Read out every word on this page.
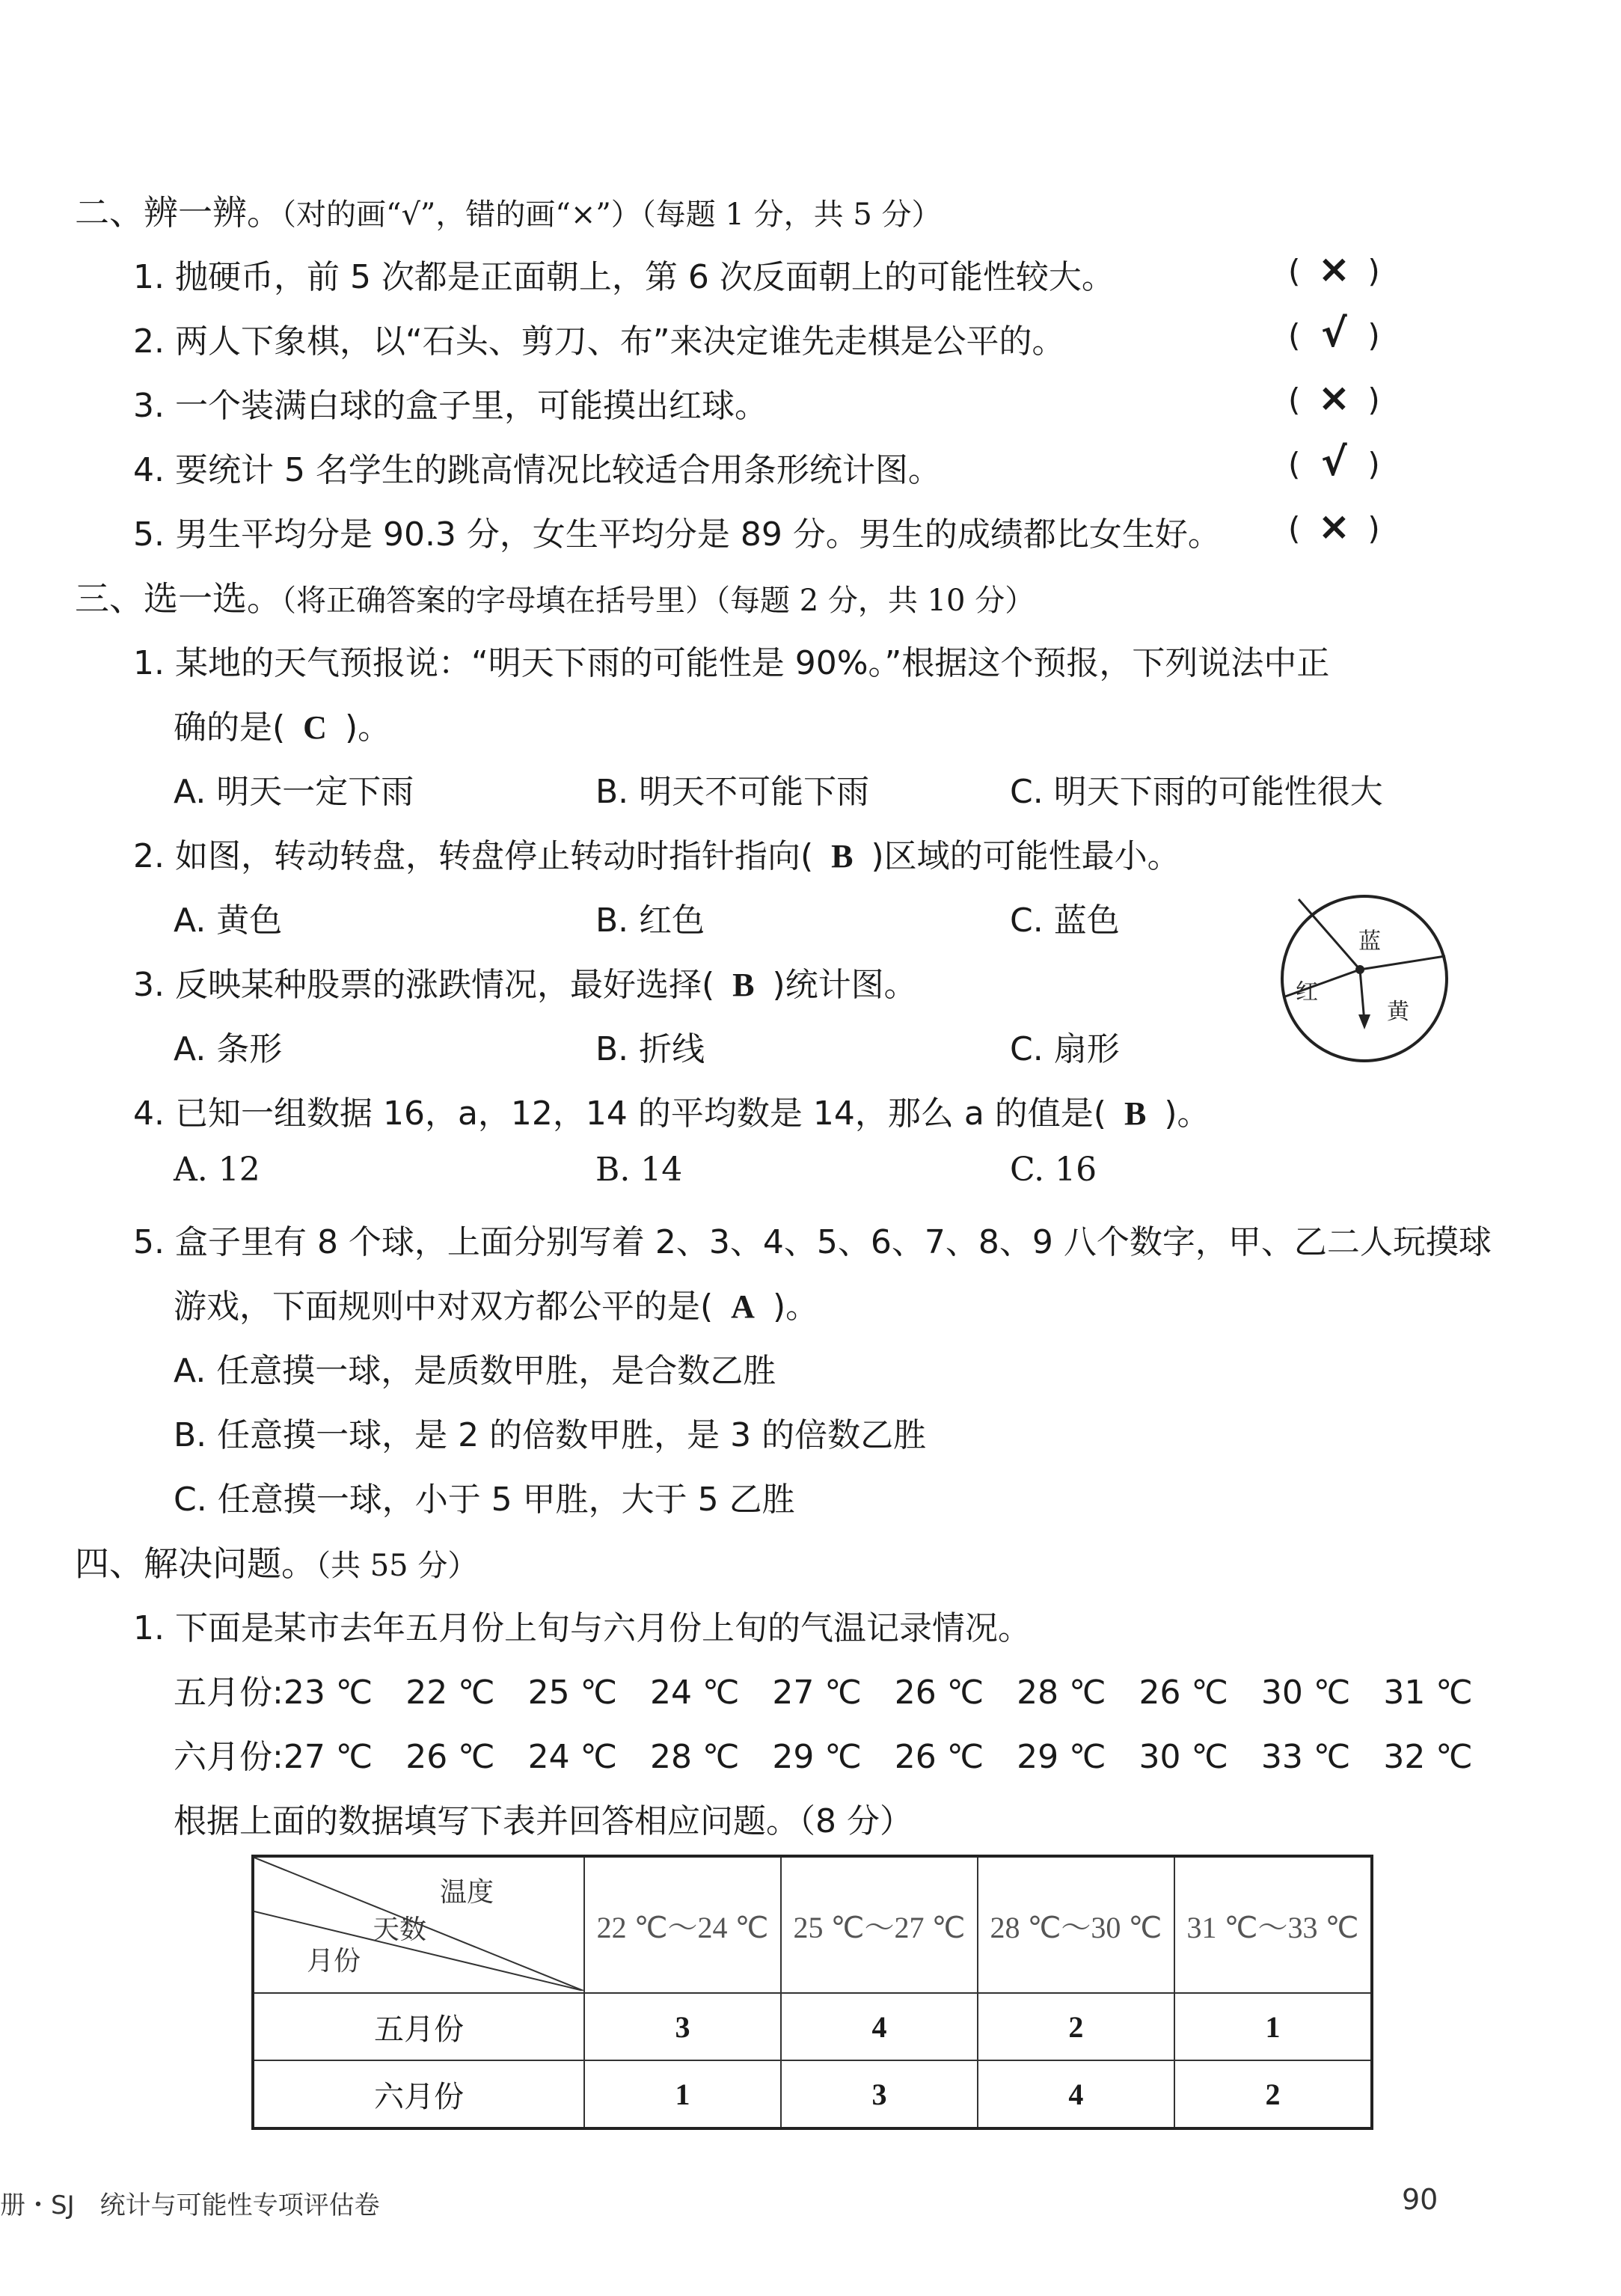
二、辨一辨。（对的画“√”，错的画“×”）（每题 1 分，共 5 分）
1. 抛硬币，前 5 次都是正面朝上，第 6 次反面朝上的可能性较大。	( × )
2. 两人下象棋，以“石头、剪刀、布”来决定谁先走棋是公平的。	( √ )
3. 一个装满白球的盒子里，可能摸出红球。	( × )
4. 要统计 5 名学生的跳高情况比较适合用条形统计图。	( √ )
5. 男生平均分是 90.3 分，女生平均分是 89 分。男生的成绩都比女生好。 ( × )
三、选一选。（将正确答案的字母填在括号里）（每题 2 分，共 10 分）
1. 某地的天气预报说：“明天下雨的可能性是 90%。”根据这个预报，下列说法中正
确的是( C )。
A. 明天一定下雨	B. 明天不可能下雨	C. 明天下雨的可能性很大
2. 如图，转动转盘，转盘停止转动时指针指向( B )区域的可能性最小。
A. 黄色	B. 红色	C. 蓝色
蓝
红
黄
3. 反映某种股票的涨跌情况，最好选择( B )统计图。
A. 条形	B. 折线	C. 扇形
4. 已知一组数据 16，a，12，14 的平均数是 14，那么 a 的值是( B )。
A. 12	B. 14	C. 16
5. 盒子里有 8 个球，上面分别写着 2、3、4、5、6、7、8、9 八个数字，甲、乙二人玩摸球
游戏，下面规则中对双方都公平的是( A )。
A. 任意摸一球，是质数甲胜，是合数乙胜
B. 任意摸一球，是 2 的倍数甲胜，是 3 的倍数乙胜
C. 任意摸一球，小于 5 甲胜，大于 5 乙胜
四、解决问题。（共 55 分）
1. 下面是某市去年五月份上旬与六月份上旬的气温记录情况。
五月份:23 ℃　22 ℃　25 ℃　24 ℃　27 ℃　26 ℃　28 ℃　26 ℃　30 ℃　31 ℃
六月份:27 ℃　26 ℃　24 ℃　28 ℃　29 ℃　26 ℃　29 ℃　30 ℃　33 ℃　32 ℃
根据上面的数据填写下表并回答相应问题。（8 分）
温度
天数
月份	22 ℃～24 ℃	25 ℃～27 ℃	28 ℃～30 ℃	31 ℃～33 ℃
五月份	3	4	2	1
六月份	1	3	4	2
册・SJ　统计与可能性专项评估卷	90
